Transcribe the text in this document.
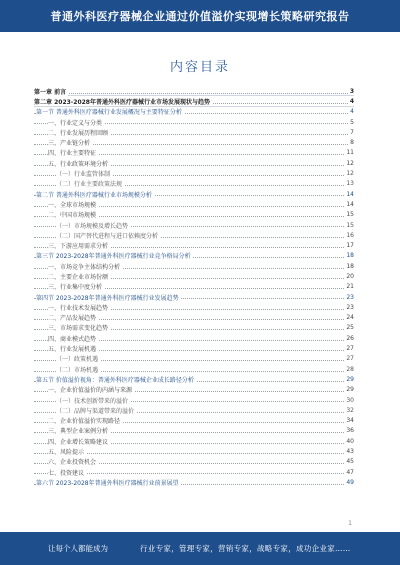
普通外科医疗器械企业通过价值溢价实现增长策略研究报告
内容目录
第一章 前言	3
第二章 2023-2028年普通外科医疗器械行业市场发展现状与趋势	4
第一节 普通外科医疗器械行业发展概况与主要特征分析	4
一、行业定义与分类	5
二、行业发展历程回顾	7
三、产业链分析	8
四、行业主要特征	11
五、行业政策环境分析	12
（一）行业监管体制	12
（二）行业主要政策法规	13
第二节 普通外科医疗器械行业市场规模分析	14
一、全球市场规模	14
二、中国市场规模	15
（一）市场规模及增长趋势	15
（二）国产替代进程与进口依赖度分析	16
三、下游应用需求分析	17
第三节 2023-2028年普通外科医疗器械行业竞争格局分析	18
一、市场竞争主体结构分析	18
二、主要企业市场份额	20
三、行业集中度分析	21
第四节 2023-2028年普通外科医疗器械行业发展趋势	23
一、行业技术发展趋势	23
二、产品发展趋势	24
三、市场需求变化趋势	25
四、商业模式趋势	26
五、行业发展机遇	27
（一）政策机遇	27
（二）市场机遇	28
第五节 价值溢价视角：普通外科医疗器械企业成长路径分析	29
一、企业价值溢价的内涵与来源	29
（一）技术创新带来的溢价	30
（二）品牌与渠道带来的溢价	32
二、企业价值溢价实现路径	34
三、典型企业案例分析	36
四、企业增长策略建议	40
五、风险提示	43
六、企业投资机会	45
七、投资建议	47
第六节 2023-2028年普通外科医疗器械行业前景展望	49
1
让每个人都能成为	行业专家，管理专家，营销专家，战略专家，成功企业家……
